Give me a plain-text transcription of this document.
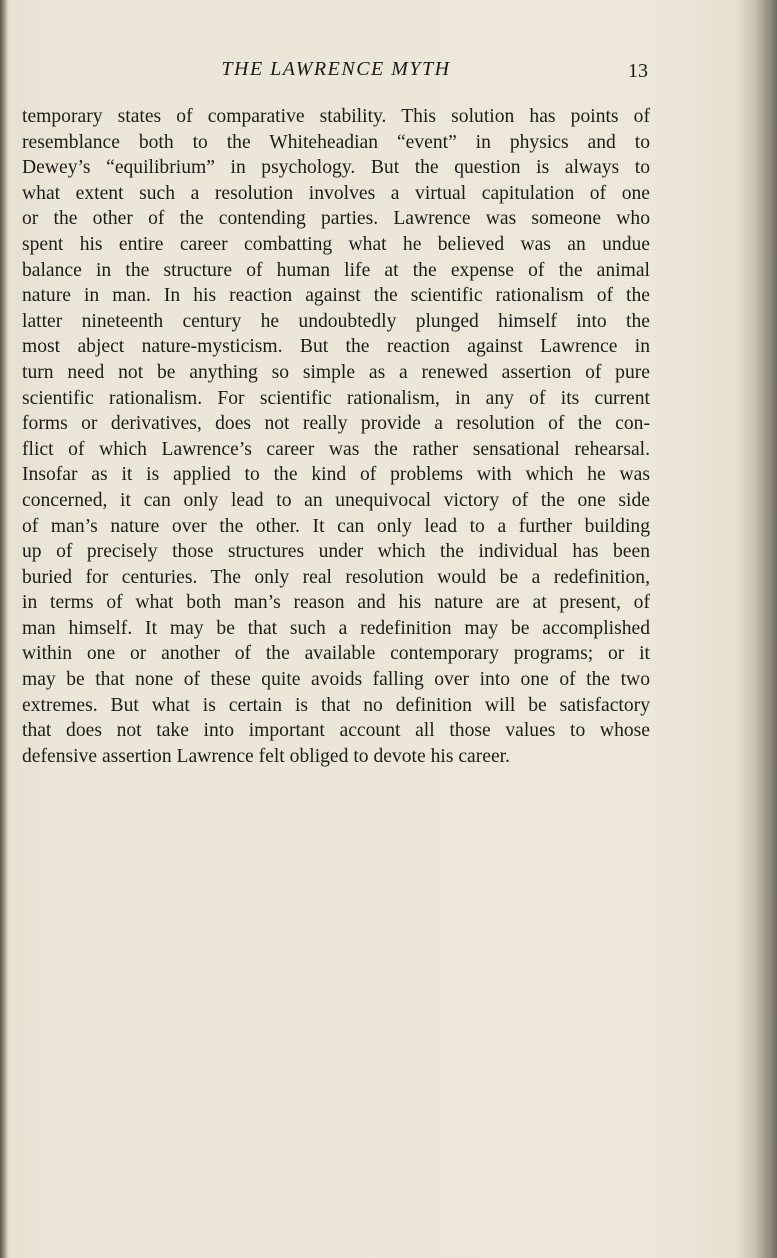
THE LAWRENCE MYTH	13
temporary states of comparative stability. This solution has points of
resemblance both to the Whiteheadian “event” in physics and to
Dewey’s “equilibrium” in psychology. But the question is always to
what extent such a resolution involves a virtual capitulation of one
or the other of the contending parties. Lawrence was someone who
spent his entire career combatting what he believed was an undue
balance in the structure of human life at the expense of the animal
nature in man. In his reaction against the scientific rationalism of the
latter nineteenth century he undoubtedly plunged himself into the
most abject nature-mysticism. But the reaction against Lawrence in
turn need not be anything so simple as a renewed assertion of pure
scientific rationalism. For scientific rationalism, in any of its current
forms or derivatives, does not really provide a resolution of the con-
flict of which Lawrence’s career was the rather sensational rehearsal.
Insofar as it is applied to the kind of problems with which he was
concerned, it can only lead to an unequivocal victory of the one side
of man’s nature over the other. It can only lead to a further building
up of precisely those structures under which the individual has been
buried for centuries. The only real resolution would be a redefinition,
in terms of what both man’s reason and his nature are at present, of
man himself. It may be that such a redefinition may be accomplished
within one or another of the available contemporary programs; or it
may be that none of these quite avoids falling over into one of the two
extremes. But what is certain is that no definition will be satisfactory
that does not take into important account all those values to whose
defensive assertion Lawrence felt obliged to devote his career.
